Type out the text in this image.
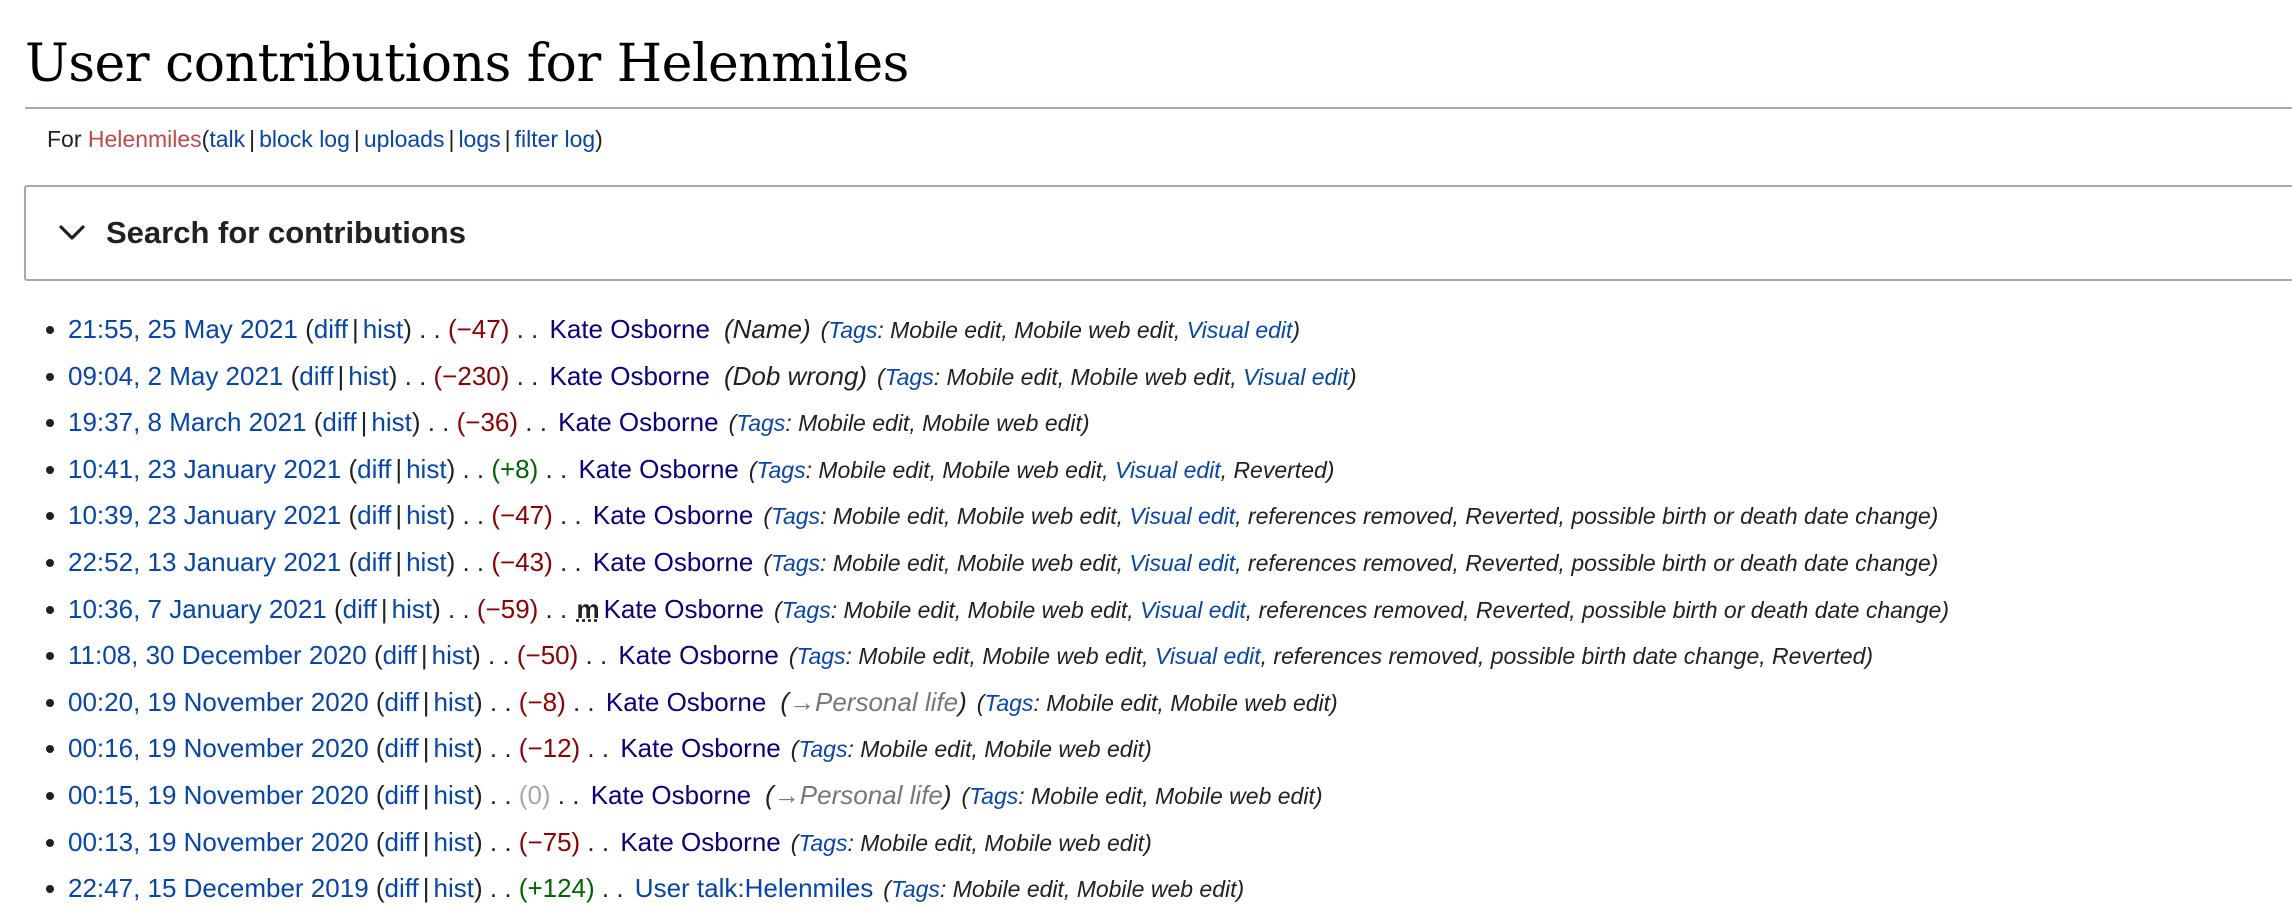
User contributions for Helenmiles
For Helenmiles(talk | block log | uploads | logs | filter log)
Search for contributions
21:55, 25 May 2021 (diff | hist) . . (−47) . . Kate Osborne (Name) (Tags: Mobile edit, Mobile web edit, Visual edit)
09:04, 2 May 2021 (diff | hist) . . (−230) . . Kate Osborne (Dob wrong) (Tags: Mobile edit, Mobile web edit, Visual edit)
19:37, 8 March 2021 (diff | hist) . . (−36) . . Kate Osborne (Tags: Mobile edit, Mobile web edit)
10:41, 23 January 2021 (diff | hist) . . (+8) . . Kate Osborne (Tags: Mobile edit, Mobile web edit, Visual edit, Reverted)
10:39, 23 January 2021 (diff | hist) . . (−47) . . Kate Osborne (Tags: Mobile edit, Mobile web edit, Visual edit, references removed, Reverted, possible birth or death date change)
22:52, 13 January 2021 (diff | hist) . . (−43) . . Kate Osborne (Tags: Mobile edit, Mobile web edit, Visual edit, references removed, Reverted, possible birth or death date change)
10:36, 7 January 2021 (diff | hist) . . (−59) . . m Kate Osborne (Tags: Mobile edit, Mobile web edit, Visual edit, references removed, Reverted, possible birth or death date change)
11:08, 30 December 2020 (diff | hist) . . (−50) . . Kate Osborne (Tags: Mobile edit, Mobile web edit, Visual edit, references removed, possible birth date change, Reverted)
00:20, 19 November 2020 (diff | hist) . . (−8) . . Kate Osborne (→Personal life) (Tags: Mobile edit, Mobile web edit)
00:16, 19 November 2020 (diff | hist) . . (−12) . . Kate Osborne (Tags: Mobile edit, Mobile web edit)
00:15, 19 November 2020 (diff | hist) . . (0) . . Kate Osborne (→Personal life) (Tags: Mobile edit, Mobile web edit)
00:13, 19 November 2020 (diff | hist) . . (−75) . . Kate Osborne (Tags: Mobile edit, Mobile web edit)
22:47, 15 December 2019 (diff | hist) . . (+124) . . User talk:Helenmiles (Tags: Mobile edit, Mobile web edit)
